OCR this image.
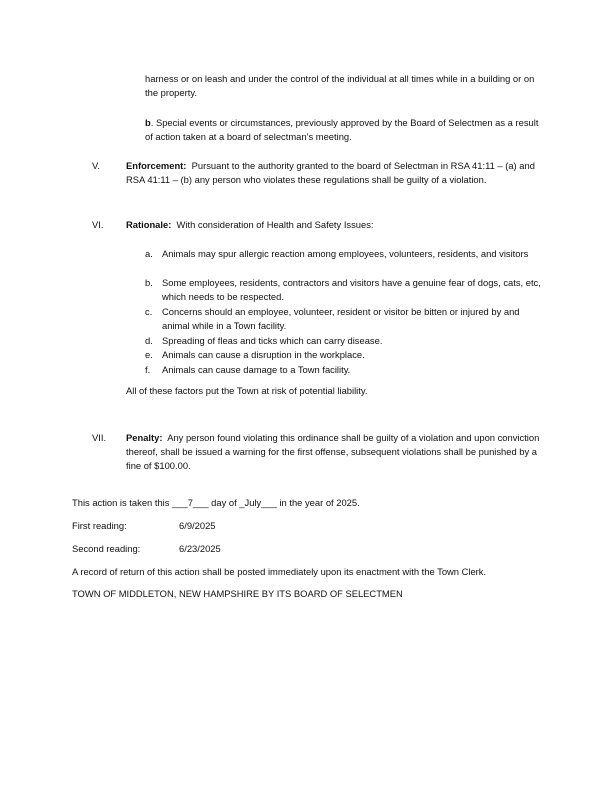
harness or on leash and under the control of the individual at all times while in a building or on the property.
b. Special events or circumstances, previously approved by the Board of Selectmen as a result of action taken at a board of selectman’s meeting.
V.	Enforcement: Pursuant to the authority granted to the board of Selectman in RSA 41:11 – (a) and RSA 41:11 – (b) any person who violates these regulations shall be guilty of a violation.
VI. Rationale: With consideration of Health and Safety Issues:
a. Animals may spur allergic reaction among employees, volunteers, residents, and visitors
b. Some employees, residents, contractors and visitors have a genuine fear of dogs, cats, etc, which needs to be respected.
c. Concerns should an employee, volunteer, resident or visitor be bitten or injured by and animal while in a Town facility.
d. Spreading of fleas and ticks which can carry disease.
e. Animals can cause a disruption in the workplace.
f. Animals can cause damage to a Town facility.
All of these factors put the Town at risk of potential liability.
VII. Penalty: Any person found violating this ordinance shall be guilty of a violation and upon conviction thereof, shall be issued a warning for the first offense, subsequent violations shall be punished by a fine of $100.00.
This action is taken this ___7___ day of _July___ in the year of 2025.
First reading:	6/9/2025
Second reading:	6/23/2025
A record of return of this action shall be posted immediately upon its enactment with the Town Clerk.
TOWN OF MIDDLETON, NEW HAMPSHIRE BY ITS BOARD OF SELECTMEN
